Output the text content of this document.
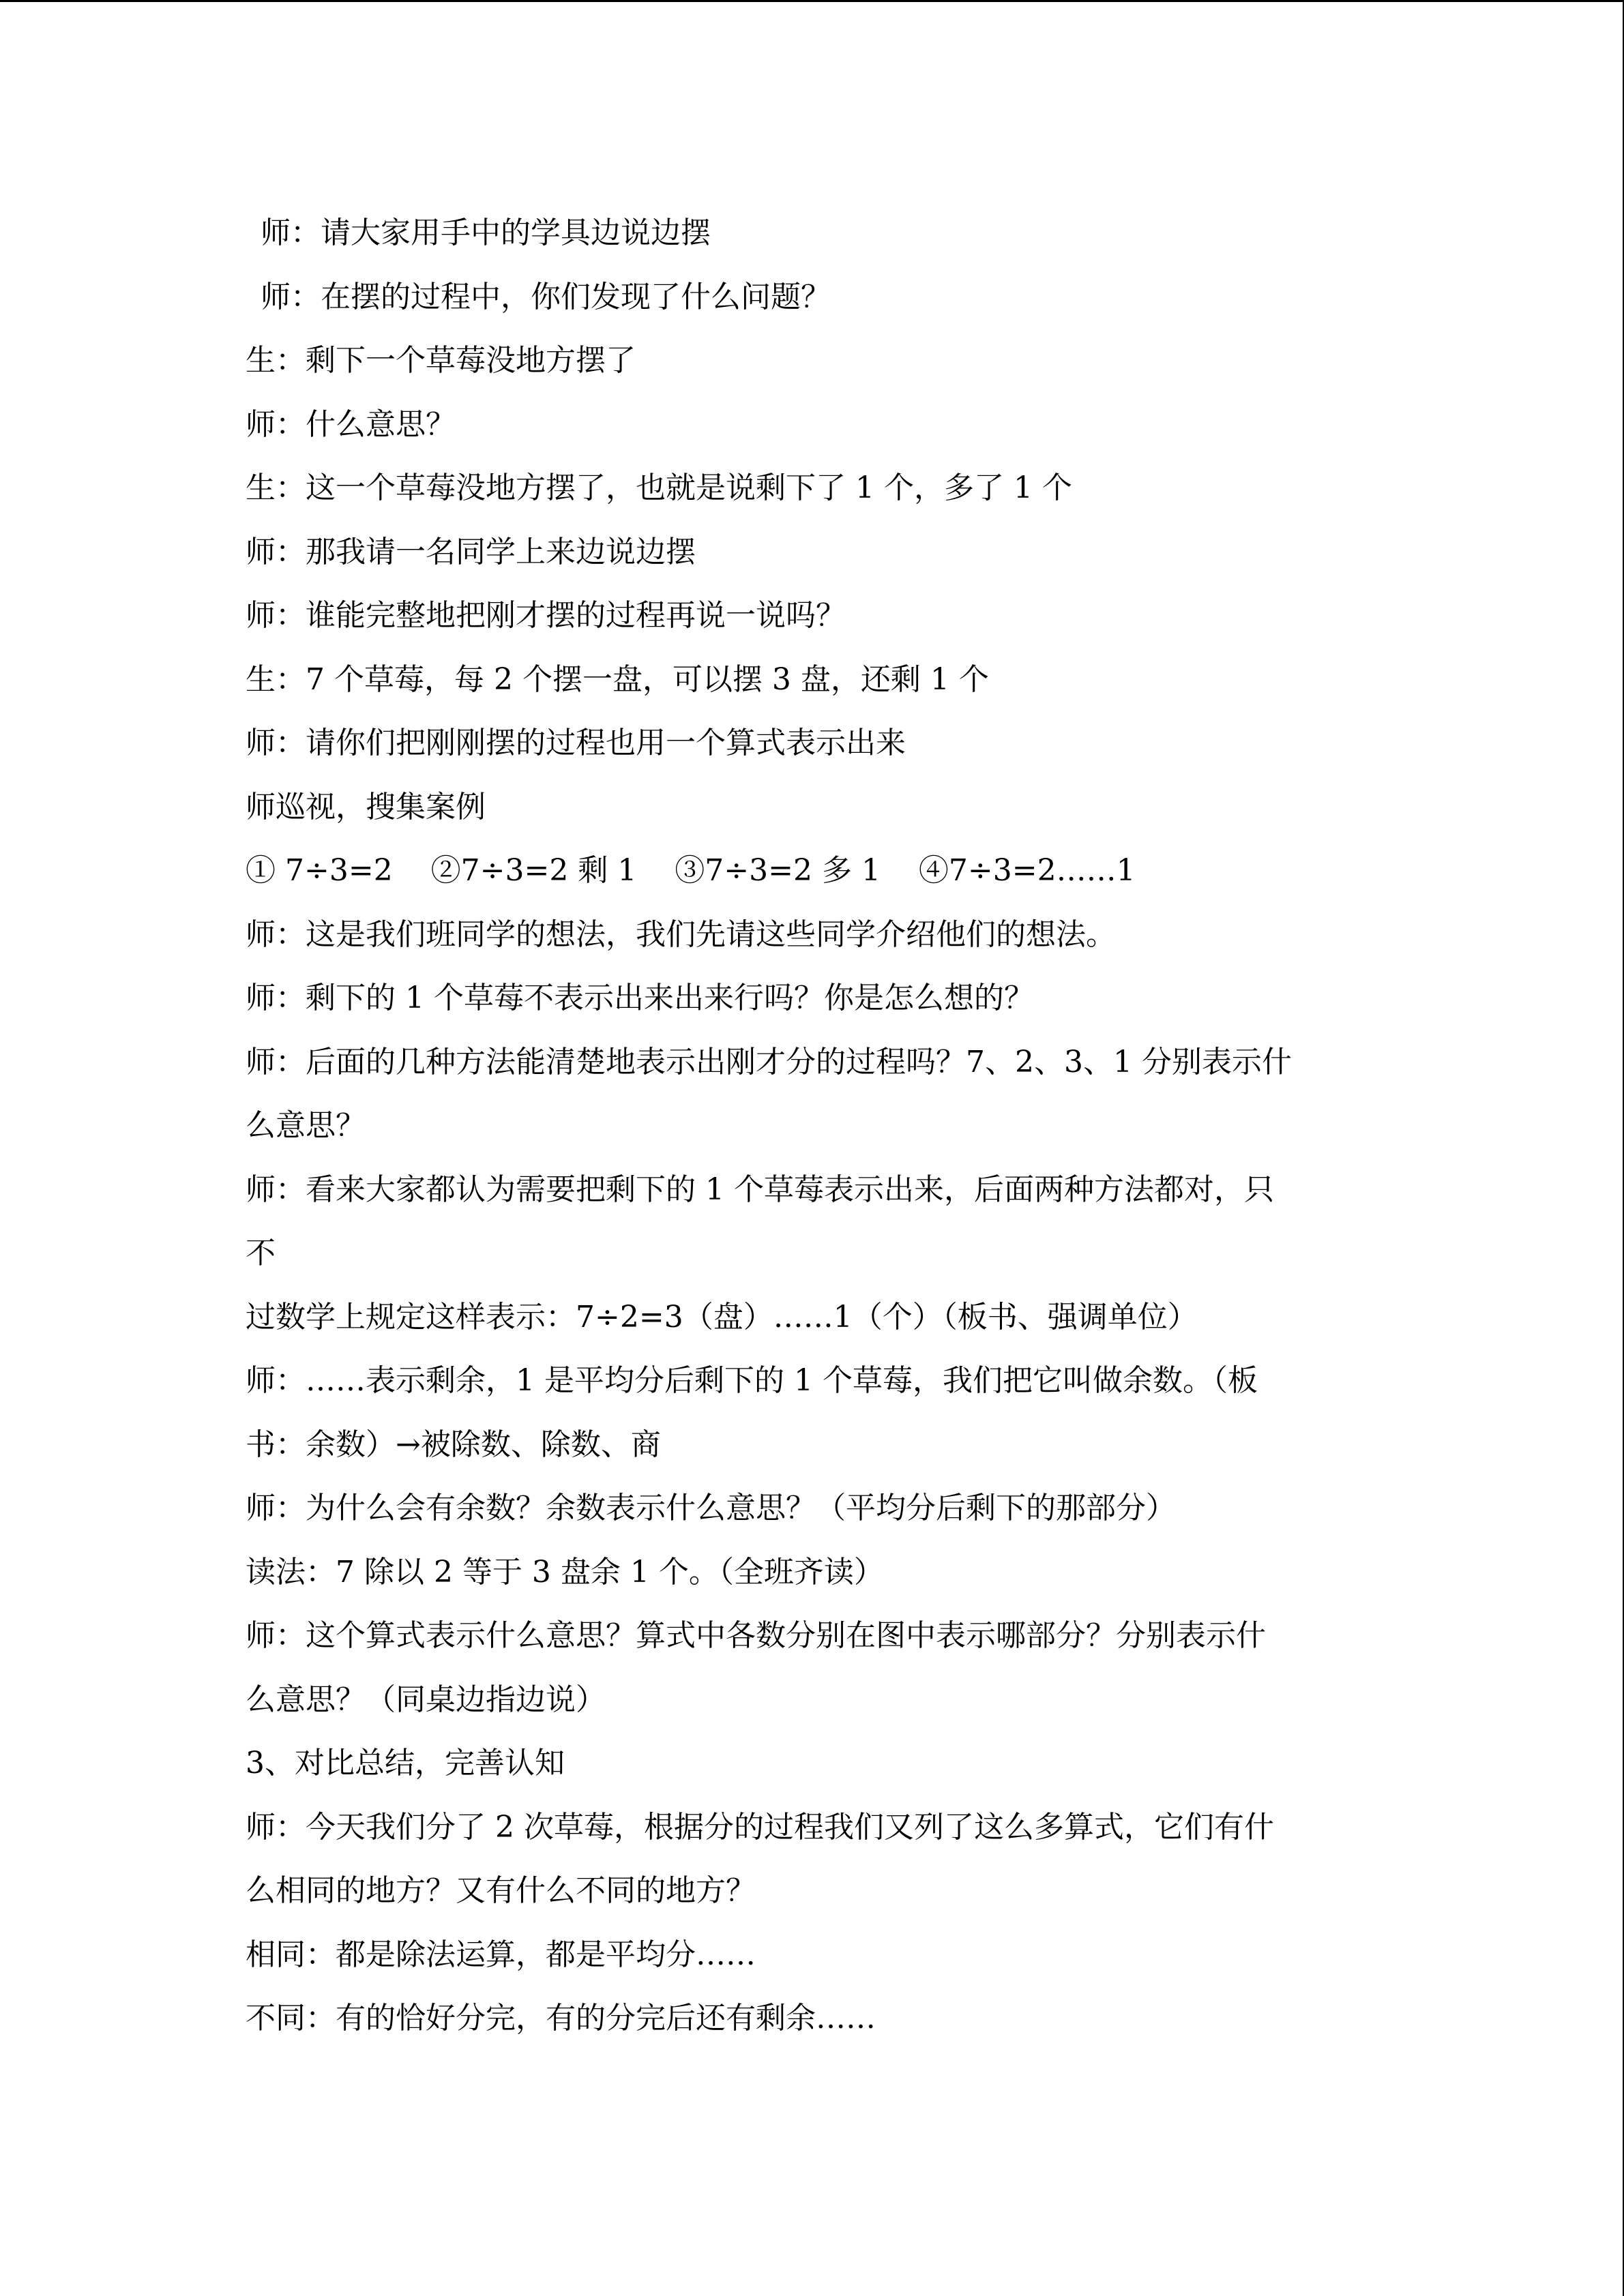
师：请大家用手中的学具边说边摆
师：在摆的过程中，你们发现了什么问题？
生：剩下一个草莓没地方摆了
师：什么意思？
生：这一个草莓没地方摆了，也就是说剩下了 1 个，多了 1 个
师：那我请一名同学上来边说边摆
师：谁能完整地把刚才摆的过程再说一说吗？
生：7 个草莓，每 2 个摆一盘，可以摆 3 盘，还剩 1 个
师：请你们把刚刚摆的过程也用一个算式表示出来
师巡视，搜集案例
① 7÷3=2    ②7÷3=2 剩 1    ③7÷3=2 多 1    ④7÷3=2……1
师：这是我们班同学的想法，我们先请这些同学介绍他们的想法。
师：剩下的 1 个草莓不表示出来出来行吗？你是怎么想的？
师：后面的几种方法能清楚地表示出刚才分的过程吗？7、2、3、1 分别表示什
么意思？
师：看来大家都认为需要把剩下的 1 个草莓表示出来，后面两种方法都对，只
不
过数学上规定这样表示：7÷2=3（盘）……1（个）（板书、强调单位）
师：……表示剩余，1 是平均分后剩下的 1 个草莓，我们把它叫做余数。（板
书：余数）→被除数、除数、商
师：为什么会有余数？余数表示什么意思？（平均分后剩下的那部分）
读法：7 除以 2 等于 3 盘余 1 个。（全班齐读）
师：这个算式表示什么意思？算式中各数分别在图中表示哪部分？分别表示什
么意思？（同桌边指边说）
3、对比总结，完善认知
师：今天我们分了 2 次草莓，根据分的过程我们又列了这么多算式，它们有什
么相同的地方？又有什么不同的地方？
相同：都是除法运算，都是平均分……
不同：有的恰好分完，有的分完后还有剩余……
